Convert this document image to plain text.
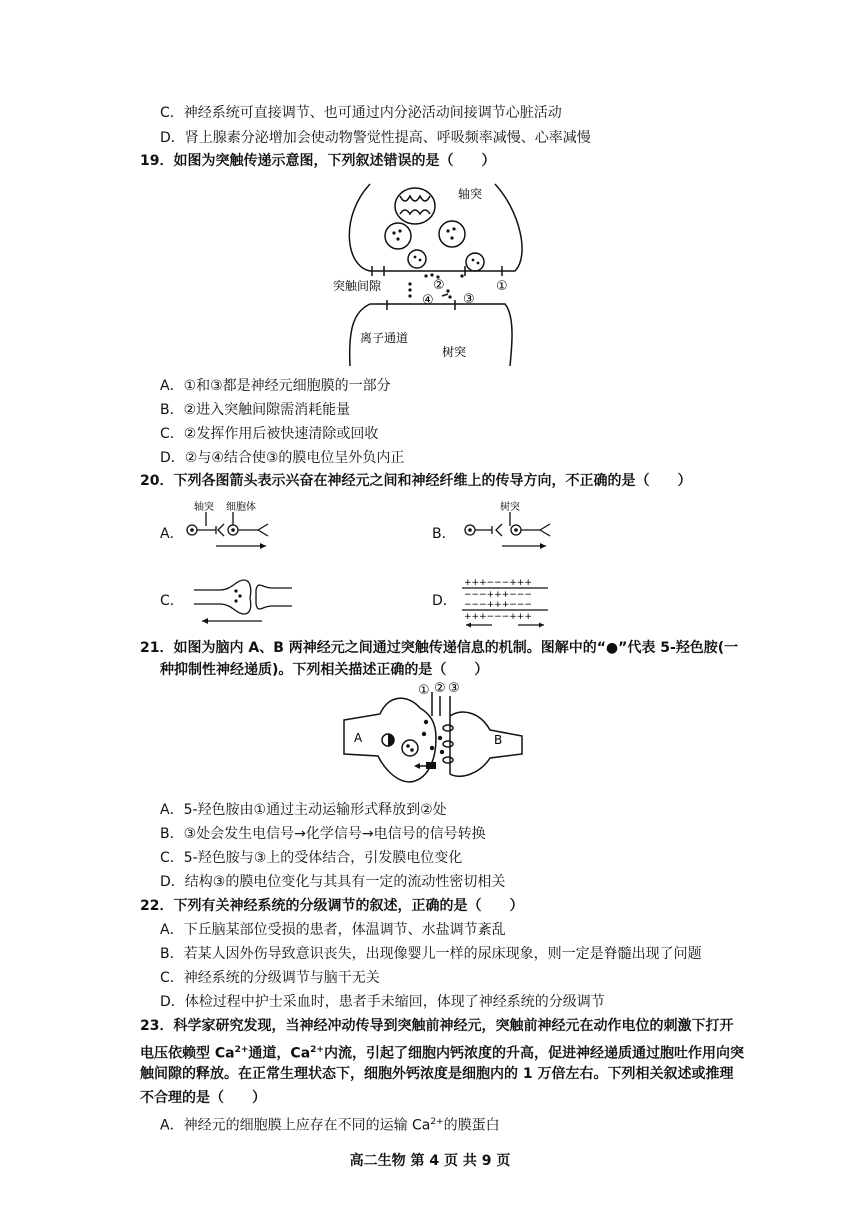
C．神经系统可直接调节、也可通过内分泌活动间接调节心脏活动
D．肾上腺素分泌增加会使动物警觉性提高、呼吸频率减慢、心率减慢
19．如图为突触传递示意图，下列叙述错误的是（　　）
轴突
突触间隙
离子通道
树突
①
②
③
④
A．①和③都是神经元细胞膜的一部分
B．②进入突触间隙需消耗能量
C．②发挥作用后被快速清除或回收
D．②与④结合使③的膜电位呈外负内正
20．下列各图箭头表示兴奋在神经元之间和神经纤维上的传导方向，不正确的是（　　）
A．
轴突 细胞体
B．
树突
C．	D．
+++−−−+++
−−−+++−−−
−−−+++−−−
+++−−−+++
21．如图为脑内 A、B 两神经元之间通过突触传递信息的机制。图解中的“●”代表 5-羟色胺(一
种抑制性神经递质)。下列相关描述正确的是（　　）
A	B
① ② ③
A．5-羟色胺由①通过主动运输形式释放到②处
B．③处会发生电信号→化学信号→电信号的信号转换
C．5-羟色胺与③上的受体结合，引发膜电位变化
D．结构③的膜电位变化与其具有一定的流动性密切相关
22．下列有关神经系统的分级调节的叙述，正确的是（　　）
A．下丘脑某部位受损的患者，体温调节、水盐调节紊乱
B．若某人因外伤导致意识丧失，出现像婴儿一样的尿床现象，则一定是脊髓出现了问题
C．神经系统的分级调节与脑干无关
D．体检过程中护士采血时，患者手未缩回，体现了神经系统的分级调节
23．科学家研究发现，当神经冲动传导到突触前神经元，突触前神经元在动作电位的刺激下打开
电压依赖型 $Ca^{2+}$通道，$Ca^{2+}$内流，引起了细胞内钙浓度的升高，促进神经递质通过胞吐作用向突
触间隙的释放。在正常生理状态下，细胞外钙浓度是细胞内的 1 万倍左右。下列相关叙述或推理
不合理的是（　　）
A．神经元的细胞膜上应存在不同的运输 $Ca^{2+}$的膜蛋白
高二生物 第 4 页 共 9 页
